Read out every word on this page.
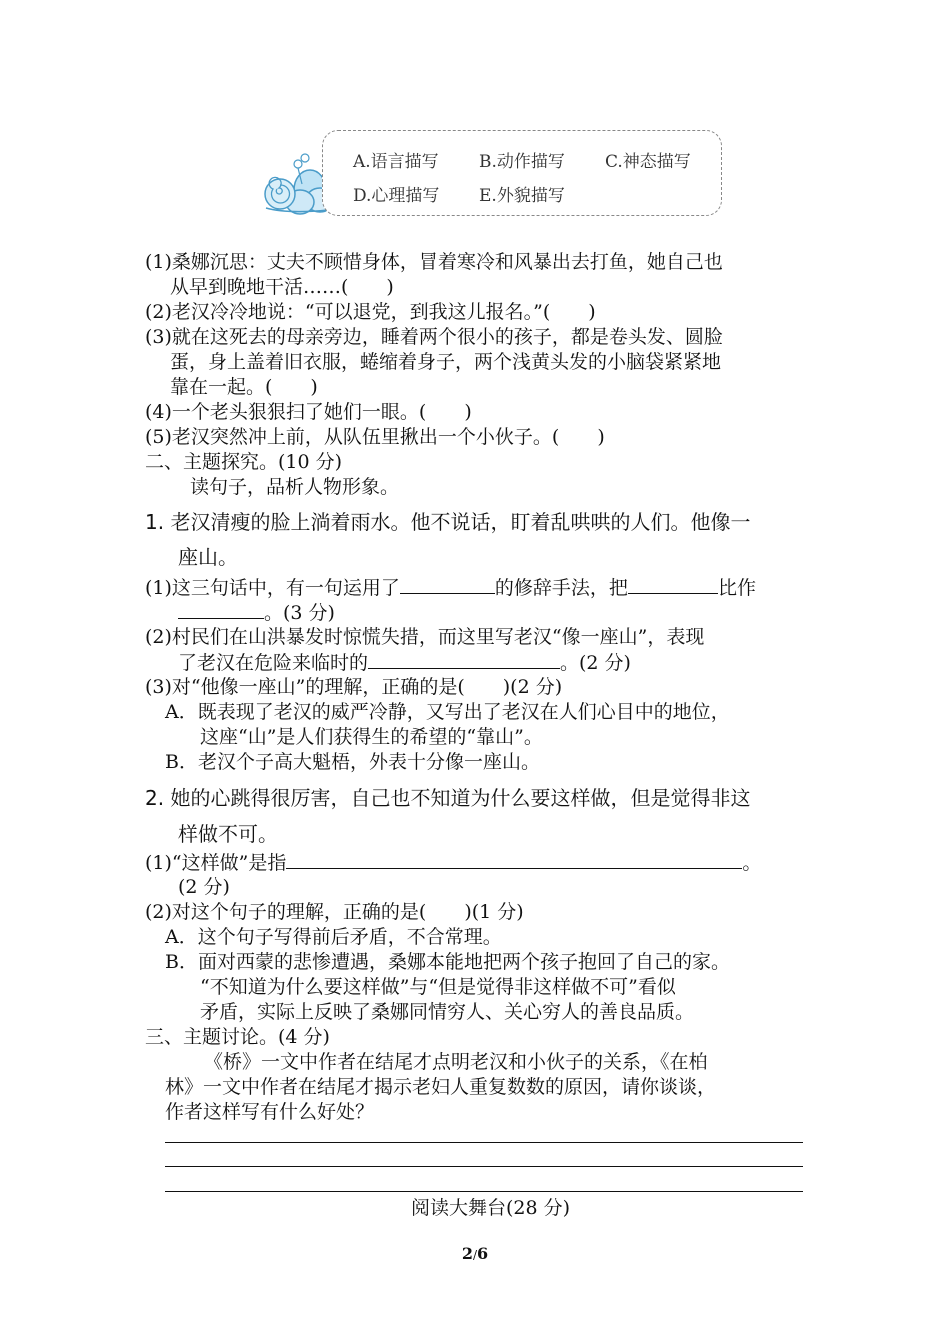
A.语言描写 B.动作描写 C.神态描写
D.心理描写 E.外貌描写
(1)桑娜沉思：丈夫不顾惜身体，冒着寒冷和风暴出去打鱼，她自己也
从早到晚地干活……(　　)
(2)老汉冷冷地说：“可以退党，到我这儿报名。”(　　)
(3)就在这死去的母亲旁边，睡着两个很小的孩子，都是卷头发、圆脸
蛋，身上盖着旧衣服，蜷缩着身子，两个浅黄头发的小脑袋紧紧地
靠在一起。(　　)
(4)一个老头狠狠扫了她们一眼。(　　)
(5)老汉突然冲上前，从队伍里揪出一个小伙子。(　　)
二、主题探究。(10 分)
读句子，品析人物形象。
1. 老汉清瘦的脸上淌着雨水。他不说话，盯着乱哄哄的人们。他像一
座山。
(1)这三句话中，有一句运用了	的修辞手法，把	比作
。(3 分)
(2)村民们在山洪暴发时惊慌失措，而这里写老汉“像一座山”，表现
了老汉在危险来临时的	。(2 分)
(3)对“他像一座山”的理解，正确的是(　　)(2 分)
A．既表现了老汉的威严冷静，又写出了老汉在人们心目中的地位，
这座“山”是人们获得生的希望的“靠山”。
B．老汉个子高大魁梧，外表十分像一座山。
2. 她的心跳得很厉害，自己也不知道为什么要这样做，但是觉得非这
样做不可。
(1)“这样做”是指	。
(2 分)
(2)对这个句子的理解，正确的是(　　)(1 分)
A．这个句子写得前后矛盾，不合常理。
B．面对西蒙的悲惨遭遇，桑娜本能地把两个孩子抱回了自己的家。
“不知道为什么要这样做”与“但是觉得非这样做不可”看似
矛盾，实际上反映了桑娜同情穷人、关心穷人的善良品质。
三、主题讨论。(4 分)
《桥》一文中作者在结尾才点明老汉和小伙子的关系，《在柏
林》一文中作者在结尾才揭示老妇人重复数数的原因，请你谈谈，
作者这样写有什么好处？
阅读大舞台(28 分)
2/6
